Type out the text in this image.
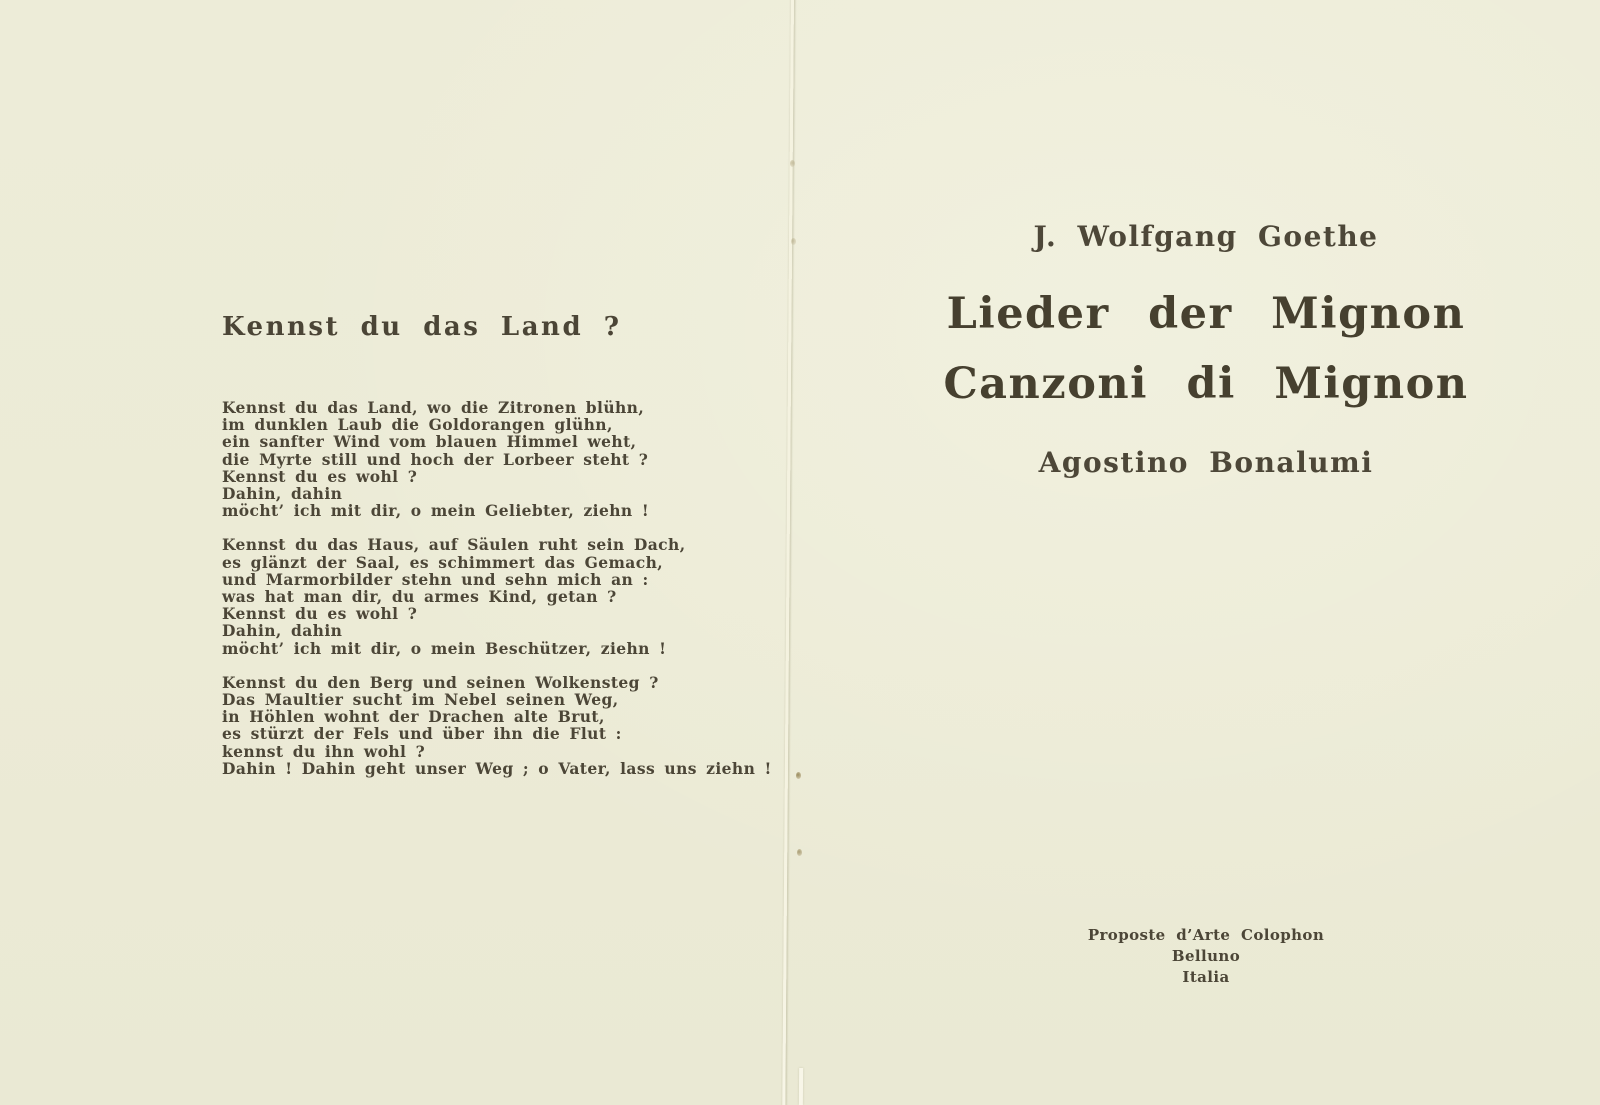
Kennst du das Land ?
Kennst du das Land, wo die Zitronen blühn,
im dunklen Laub die Goldorangen glühn,
ein sanfter Wind vom blauen Himmel weht,
die Myrte still und hoch der Lorbeer steht ?
Kennst du es wohl ?
Dahin, dahin
möcht’ ich mit dir, o mein Geliebter, ziehn !
Kennst du das Haus, auf Säulen ruht sein Dach,
es glänzt der Saal, es schimmert das Gemach,
und Marmorbilder stehn und sehn mich an :
was hat man dir, du armes Kind, getan ?
Kennst du es wohl ?
Dahin, dahin
möcht’ ich mit dir, o mein Beschützer, ziehn !
Kennst du den Berg und seinen Wolkensteg ?
Das Maultier sucht im Nebel seinen Weg,
in Höhlen wohnt der Drachen alte Brut,
es stürzt der Fels und über ihn die Flut :
kennst du ihn wohl ?
Dahin ! Dahin geht unser Weg ; o Vater, lass uns ziehn !
J. Wolfgang Goethe
Lieder der Mignon
Canzoni di Mignon
Agostino Bonalumi
Proposte d’Arte Colophon
Belluno
Italia
